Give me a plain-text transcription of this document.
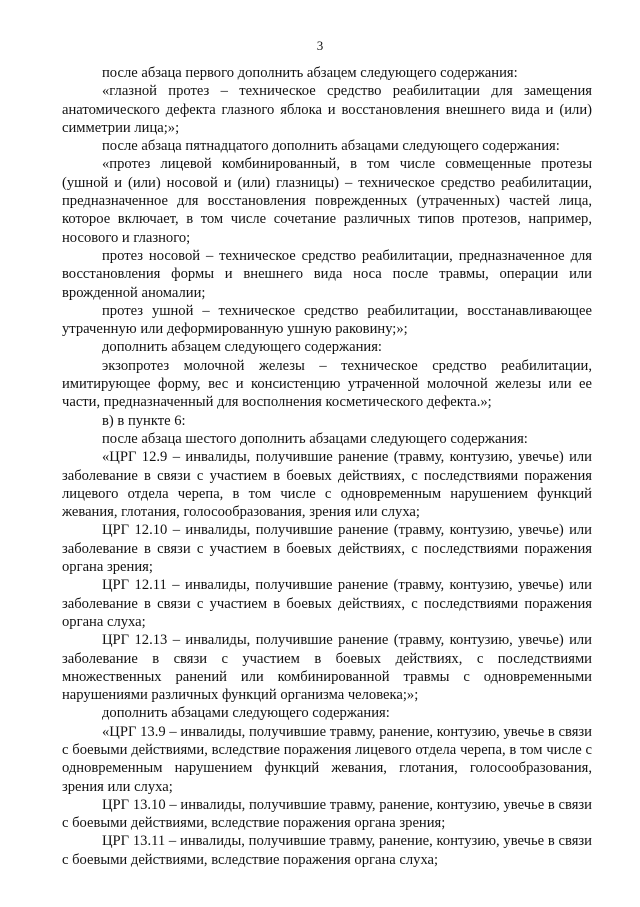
3

после абзаца первого дополнить абзацем следующего содержания:

«глазной протез – техническое средство реабилитации для замещения анатомического дефекта глазного яблока и восстановления внешнего вида и (или) симметрии лица;»;

после абзаца пятнадцатого дополнить абзацами следующего содержания:

«протез лицевой комбинированный, в том числе совмещенные протезы (ушной и (или) носовой и (или) глазницы) – техническое средство реабилитации, предназначенное для восстановления поврежденных (утраченных) частей лица, которое включает, в том числе сочетание различных типов протезов, например, носового и глазного;

протез носовой – техническое средство реабилитации, предназначенное для восстановления формы и внешнего вида носа после травмы, операции или врожденной аномалии;

протез ушной – техническое средство реабилитации, восстанавливающее утраченную или деформированную ушную раковину;»;

дополнить абзацем следующего содержания:

экзопротез молочной железы – техническое средство реабилитации, имитирующее форму, вес и консистенцию утраченной молочной железы или ее части, предназначенный для восполнения косметического дефекта.»;

в) в пункте 6:

после абзаца шестого дополнить абзацами следующего содержания:

«ЦРГ 12.9 – инвалиды, получившие ранение (травму, контузию, увечье) или заболевание в связи с участием в боевых действиях, с последствиями поражения лицевого отдела черепа, в том числе с одновременным нарушением функций жевания, глотания, голосообразования, зрения или слуха;

ЦРГ 12.10 – инвалиды, получившие ранение (травму, контузию, увечье) или заболевание в связи с участием в боевых действиях, с последствиями поражения органа зрения;

ЦРГ 12.11 – инвалиды, получившие ранение (травму, контузию, увечье) или заболевание в связи с участием в боевых действиях, с последствиями поражения органа слуха;

ЦРГ 12.13 – инвалиды, получившие ранение (травму, контузию, увечье) или заболевание в связи с участием в боевых действиях, с последствиями множественных ранений или комбинированной травмы с одновременными нарушениями различных функций организма человека;»;

дополнить абзацами следующего содержания:

«ЦРГ 13.9 – инвалиды, получившие травму, ранение, контузию, увечье в связи с боевыми действиями, вследствие поражения лицевого отдела черепа, в том числе с одновременным нарушением функций жевания, глотания, голосообразования, зрения или слуха;

ЦРГ 13.10 – инвалиды, получившие травму, ранение, контузию, увечье в связи с боевыми действиями, вследствие поражения органа зрения;

ЦРГ 13.11 – инвалиды, получившие травму, ранение, контузию, увечье в связи с боевыми действиями, вследствие поражения органа слуха;
